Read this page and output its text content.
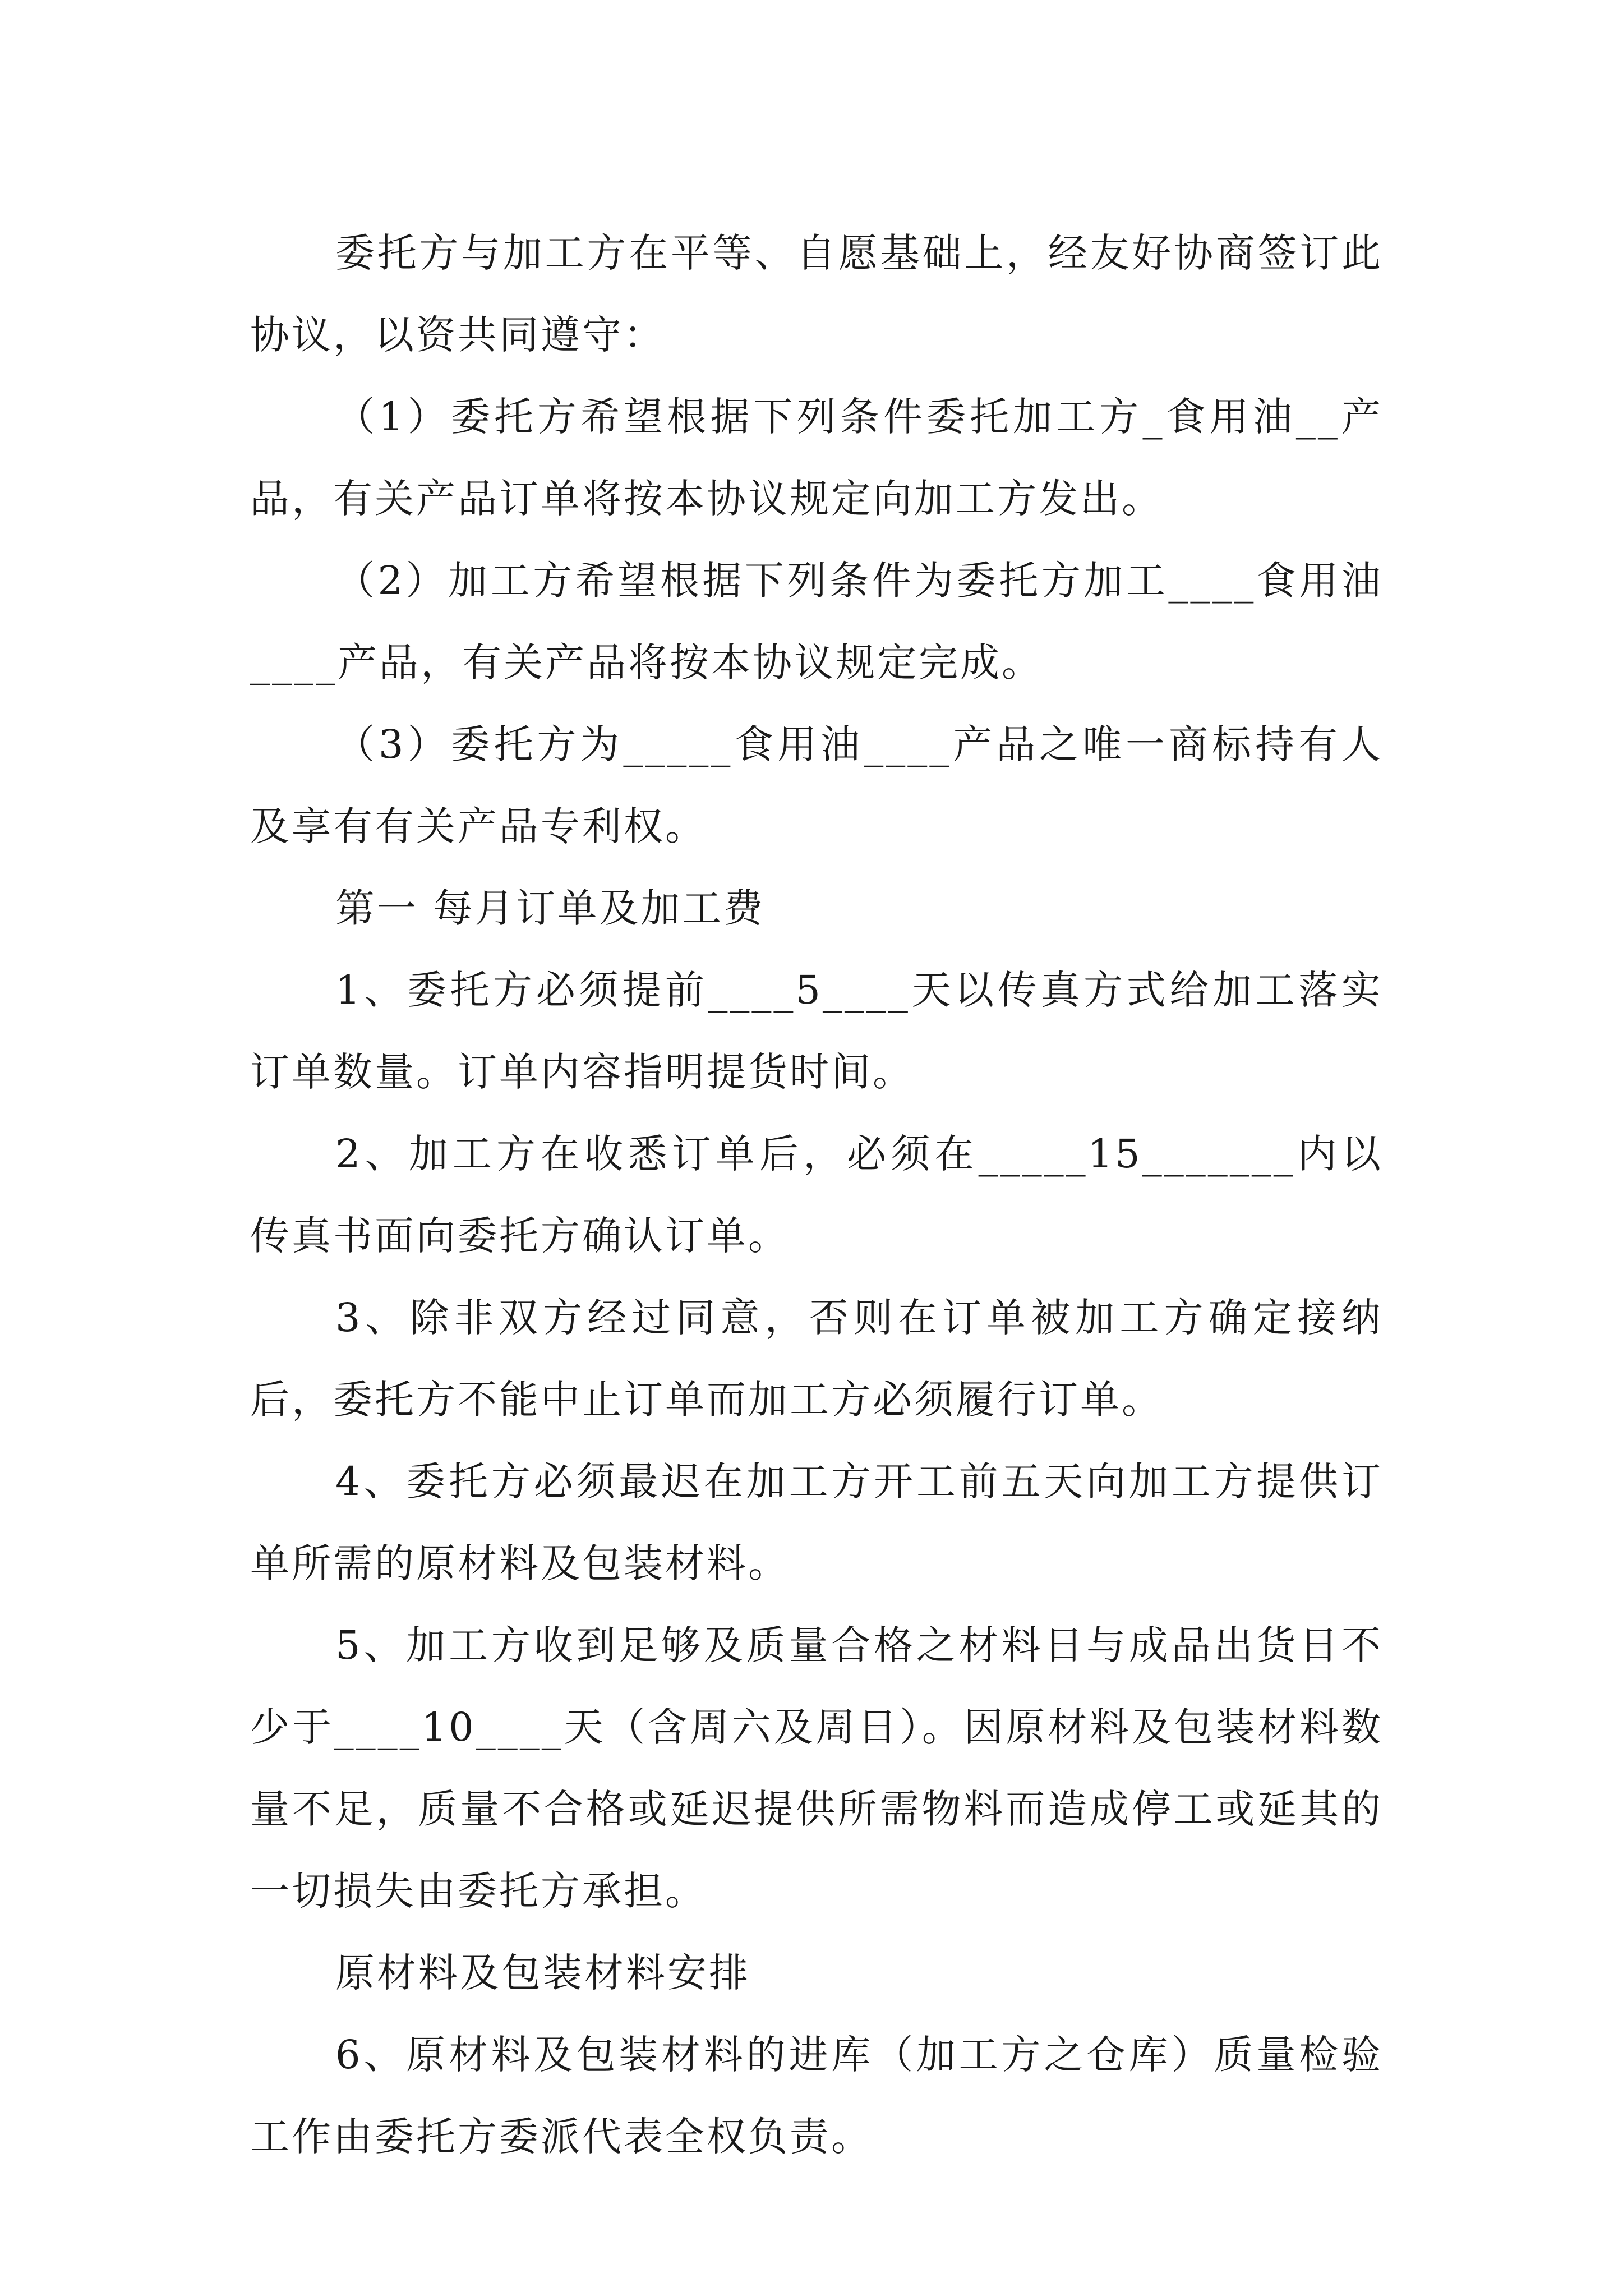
委托方与加工方在平等、自愿基础上，经友好协商签订此协议，以资共同遵守：

（1）委托方希望根据下列条件委托加工方_食用油__产品，有关产品订单将按本协议规定向加工方发出。

（2）加工方希望根据下列条件为委托方加工____食用油____产品，有关产品将按本协议规定完成。

（3）委托方为_____食用油____产品之唯一商标持有人及享有有关产品专利权。

第一 每月订单及加工费

1、委托方必须提前____5____天以传真方式给加工落实订单数量。订单内容指明提货时间。

2、加工方在收悉订单后，必须在_____15_______内以传真书面向委托方确认订单。

3、除非双方经过同意，否则在订单被加工方确定接纳后，委托方不能中止订单而加工方必须履行订单。

4、委托方必须最迟在加工方开工前五天向加工方提供订单所需的原材料及包装材料。

5、加工方收到足够及质量合格之材料日与成品出货日不少于____10____天（含周六及周日）。因原材料及包装材料数量不足，质量不合格或延迟提供所需物料而造成停工或延其的一切损失由委托方承担。

原材料及包装材料安排

6、原材料及包装材料的进库（加工方之仓库）质量检验工作由委托方委派代表全权负责。
